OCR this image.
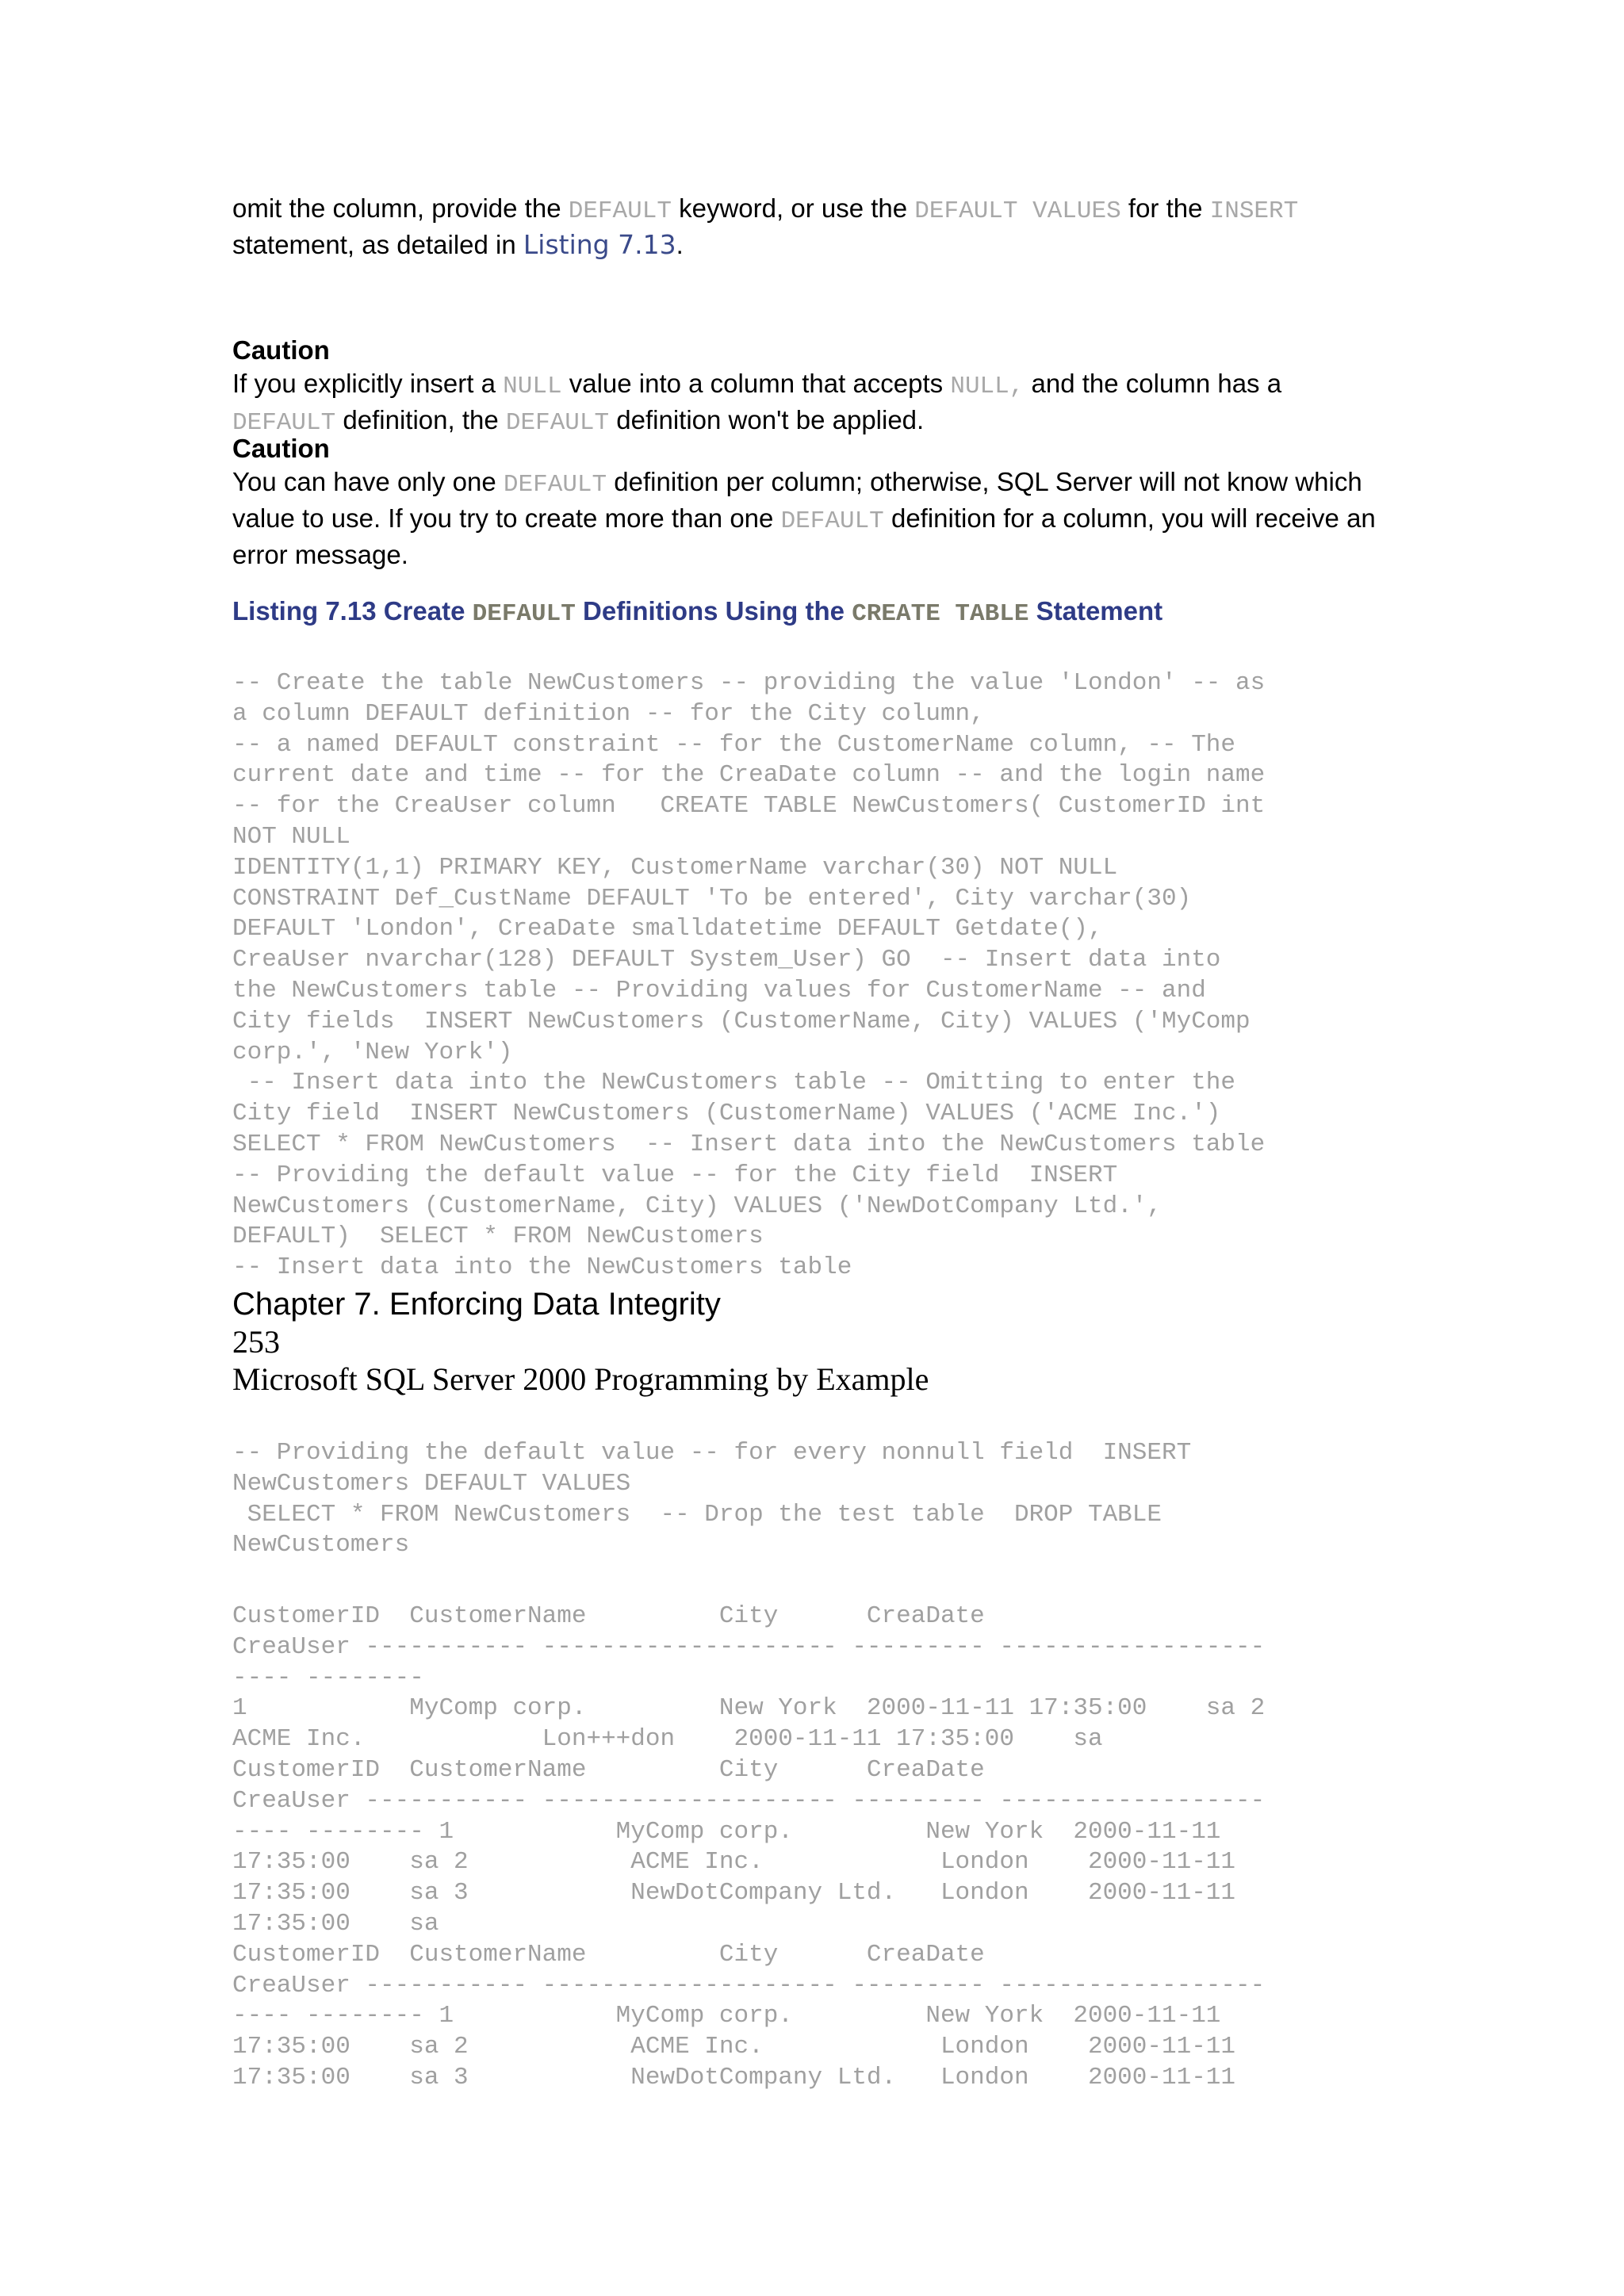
omit the column, provide the DEFAULT keyword, or use the DEFAULT VALUES for the INSERT
statement, as detailed in Listing 7.13.

Caution
If you explicitly insert a NULL value into a column that accepts NULL, and the column has a
DEFAULT definition, the DEFAULT definition won't be applied.

Caution
You can have only one DEFAULT definition per column; otherwise, SQL Server will not know which value to use. If you try to create more than one DEFAULT definition for a column, you will receive an
error message.

Listing 7.13 Create DEFAULT Definitions Using the CREATE TABLE Statement

-- Create the table NewCustomers -- providing the value 'London' -- as
a column DEFAULT definition -- for the City column,
-- a named DEFAULT constraint -- for the CustomerName column, -- The
current date and time -- for the CreaDate column -- and the login name
-- for the CreaUser column   CREATE TABLE NewCustomers( CustomerID int
NOT NULL
IDENTITY(1,1) PRIMARY KEY, CustomerName varchar(30) NOT NULL
CONSTRAINT Def_CustName DEFAULT 'To be entered', City varchar(30)
DEFAULT 'London', CreaDate smalldatetime DEFAULT Getdate(),
CreaUser nvarchar(128) DEFAULT System_User) GO  -- Insert data into
the NewCustomers table -- Providing values for CustomerName -- and
City fields  INSERT NewCustomers (CustomerName, City) VALUES ('MyComp
corp.', 'New York')
-- Insert data into the NewCustomers table -- Omitting to enter the
City field  INSERT NewCustomers (CustomerName) VALUES ('ACME Inc.')
SELECT * FROM NewCustomers  -- Insert data into the NewCustomers table
-- Providing the default value -- for the City field  INSERT
NewCustomers (CustomerName, City) VALUES ('NewDotCompany Ltd.',
DEFAULT)  SELECT * FROM NewCustomers
-- Insert data into the NewCustomers table
Chapter 7. Enforcing Data Integrity
253
Microsoft SQL Server 2000 Programming by Example
-- Providing the default value -- for every nonnull field  INSERT
NewCustomers DEFAULT VALUES
SELECT * FROM NewCustomers  -- Drop the test table  DROP TABLE
NewCustomers
CustomerID  CustomerName         City      CreaDate
CreaUser ----------- -------------------- --------- ------------------
---- --------
1           MyComp corp.         New York  2000-11-11 17:35:00    sa 2
ACME Inc.            Lon+++don    2000-11-11 17:35:00    sa
CustomerID  CustomerName         City      CreaDate
CreaUser ----------- -------------------- --------- ------------------
---- -------- 1           MyComp corp.         New York  2000-11-11
17:35:00    sa 2           ACME Inc.            London    2000-11-11
17:35:00    sa 3           NewDotCompany Ltd.   London    2000-11-11
17:35:00    sa
CustomerID  CustomerName         City      CreaDate
CreaUser ----------- -------------------- --------- ------------------
---- -------- 1           MyComp corp.         New York  2000-11-11
17:35:00    sa 2           ACME Inc.            London    2000-11-11
17:35:00    sa 3           NewDotCompany Ltd.   London    2000-11-11
